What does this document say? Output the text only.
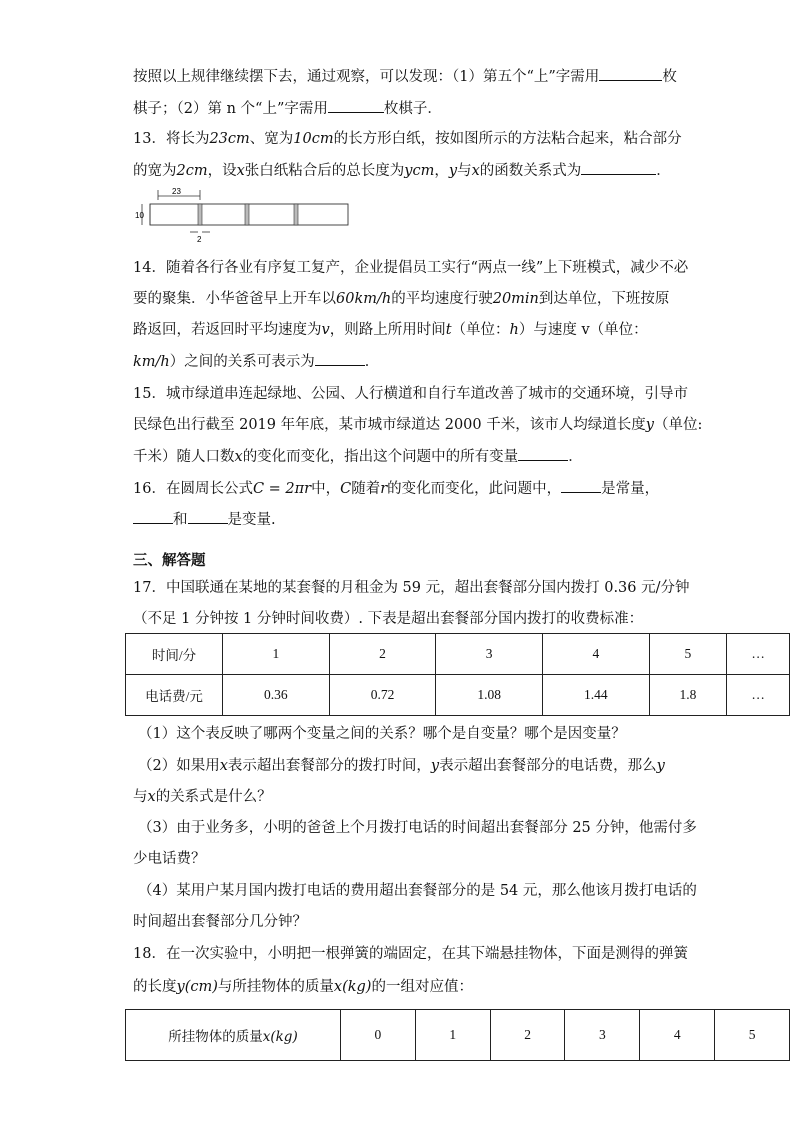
按照以上规律继续摆下去，通过观察，可以发现：（1）第五个“上”字需用	枚
棋子；（2）第 n 个“上”字需用	枚棋子．
13．将长为23cm、宽为10cm的长方形白纸，按如图所示的方法粘合起来，粘合部分
的宽为2cm，设x张白纸粘合后的总长度为ycm，y与x的函数关系式为	．
23
10
2
14．随着各行各业有序复工复产，企业提倡员工实行“两点一线”上下班模式，减少不必
要的聚集．小华爸爸早上开车以60km/h的平均速度行驶20min到达单位，下班按原
路返回，若返回时平均速度为v，则路上所用时间t（单位：h）与速度 v（单位：
km/h）之间的关系可表示为	．
15．城市绿道串连起绿地、公园、人行横道和自行车道改善了城市的交通环境，引导市
民绿色出行截至 2019 年年底，某市城市绿道达 2000 千米，该市人均绿道长度y（单位:
千米）随人口数x的变化而变化，指出这个问题中的所有变量	．
16．在圆周长公式C = 2πr中，C随着r的变化而变化，此问题中，	是常量，
和	是变量.
三、解答题
17．中国联通在某地的某套餐的月租金为 59 元，超出套餐部分国内拨打 0.36 元/分钟
（不足 1 分钟按 1 分钟时间收费）. 下表是超出套餐部分国内拨打的收费标准：
时间/分	1	2	3	4	5	…
电话费/元	0.36	0.72	1.08	1.44	1.8	…
（1）这个表反映了哪两个变量之间的关系？哪个是自变量？哪个是因变量？
（2）如果用x表示超出套餐部分的拨打时间，y表示超出套餐部分的电话费，那么y
与x的关系式是什么？
（3）由于业务多，小明的爸爸上个月拨打电话的时间超出套餐部分 25 分钟，他需付多
少电话费？
（4）某用户某月国内拨打电话的费用超出套餐部分的是 54 元，那么他该月拨打电话的
时间超出套餐部分几分钟？
18．在一次实验中，小明把一根弹簧的端固定，在其下端悬挂物体，下面是测得的弹簧
的长度y(cm)与所挂物体的质量x(kg)的一组对应值：
所挂物体的质量x(kg)	0	1	2	3	4	5
